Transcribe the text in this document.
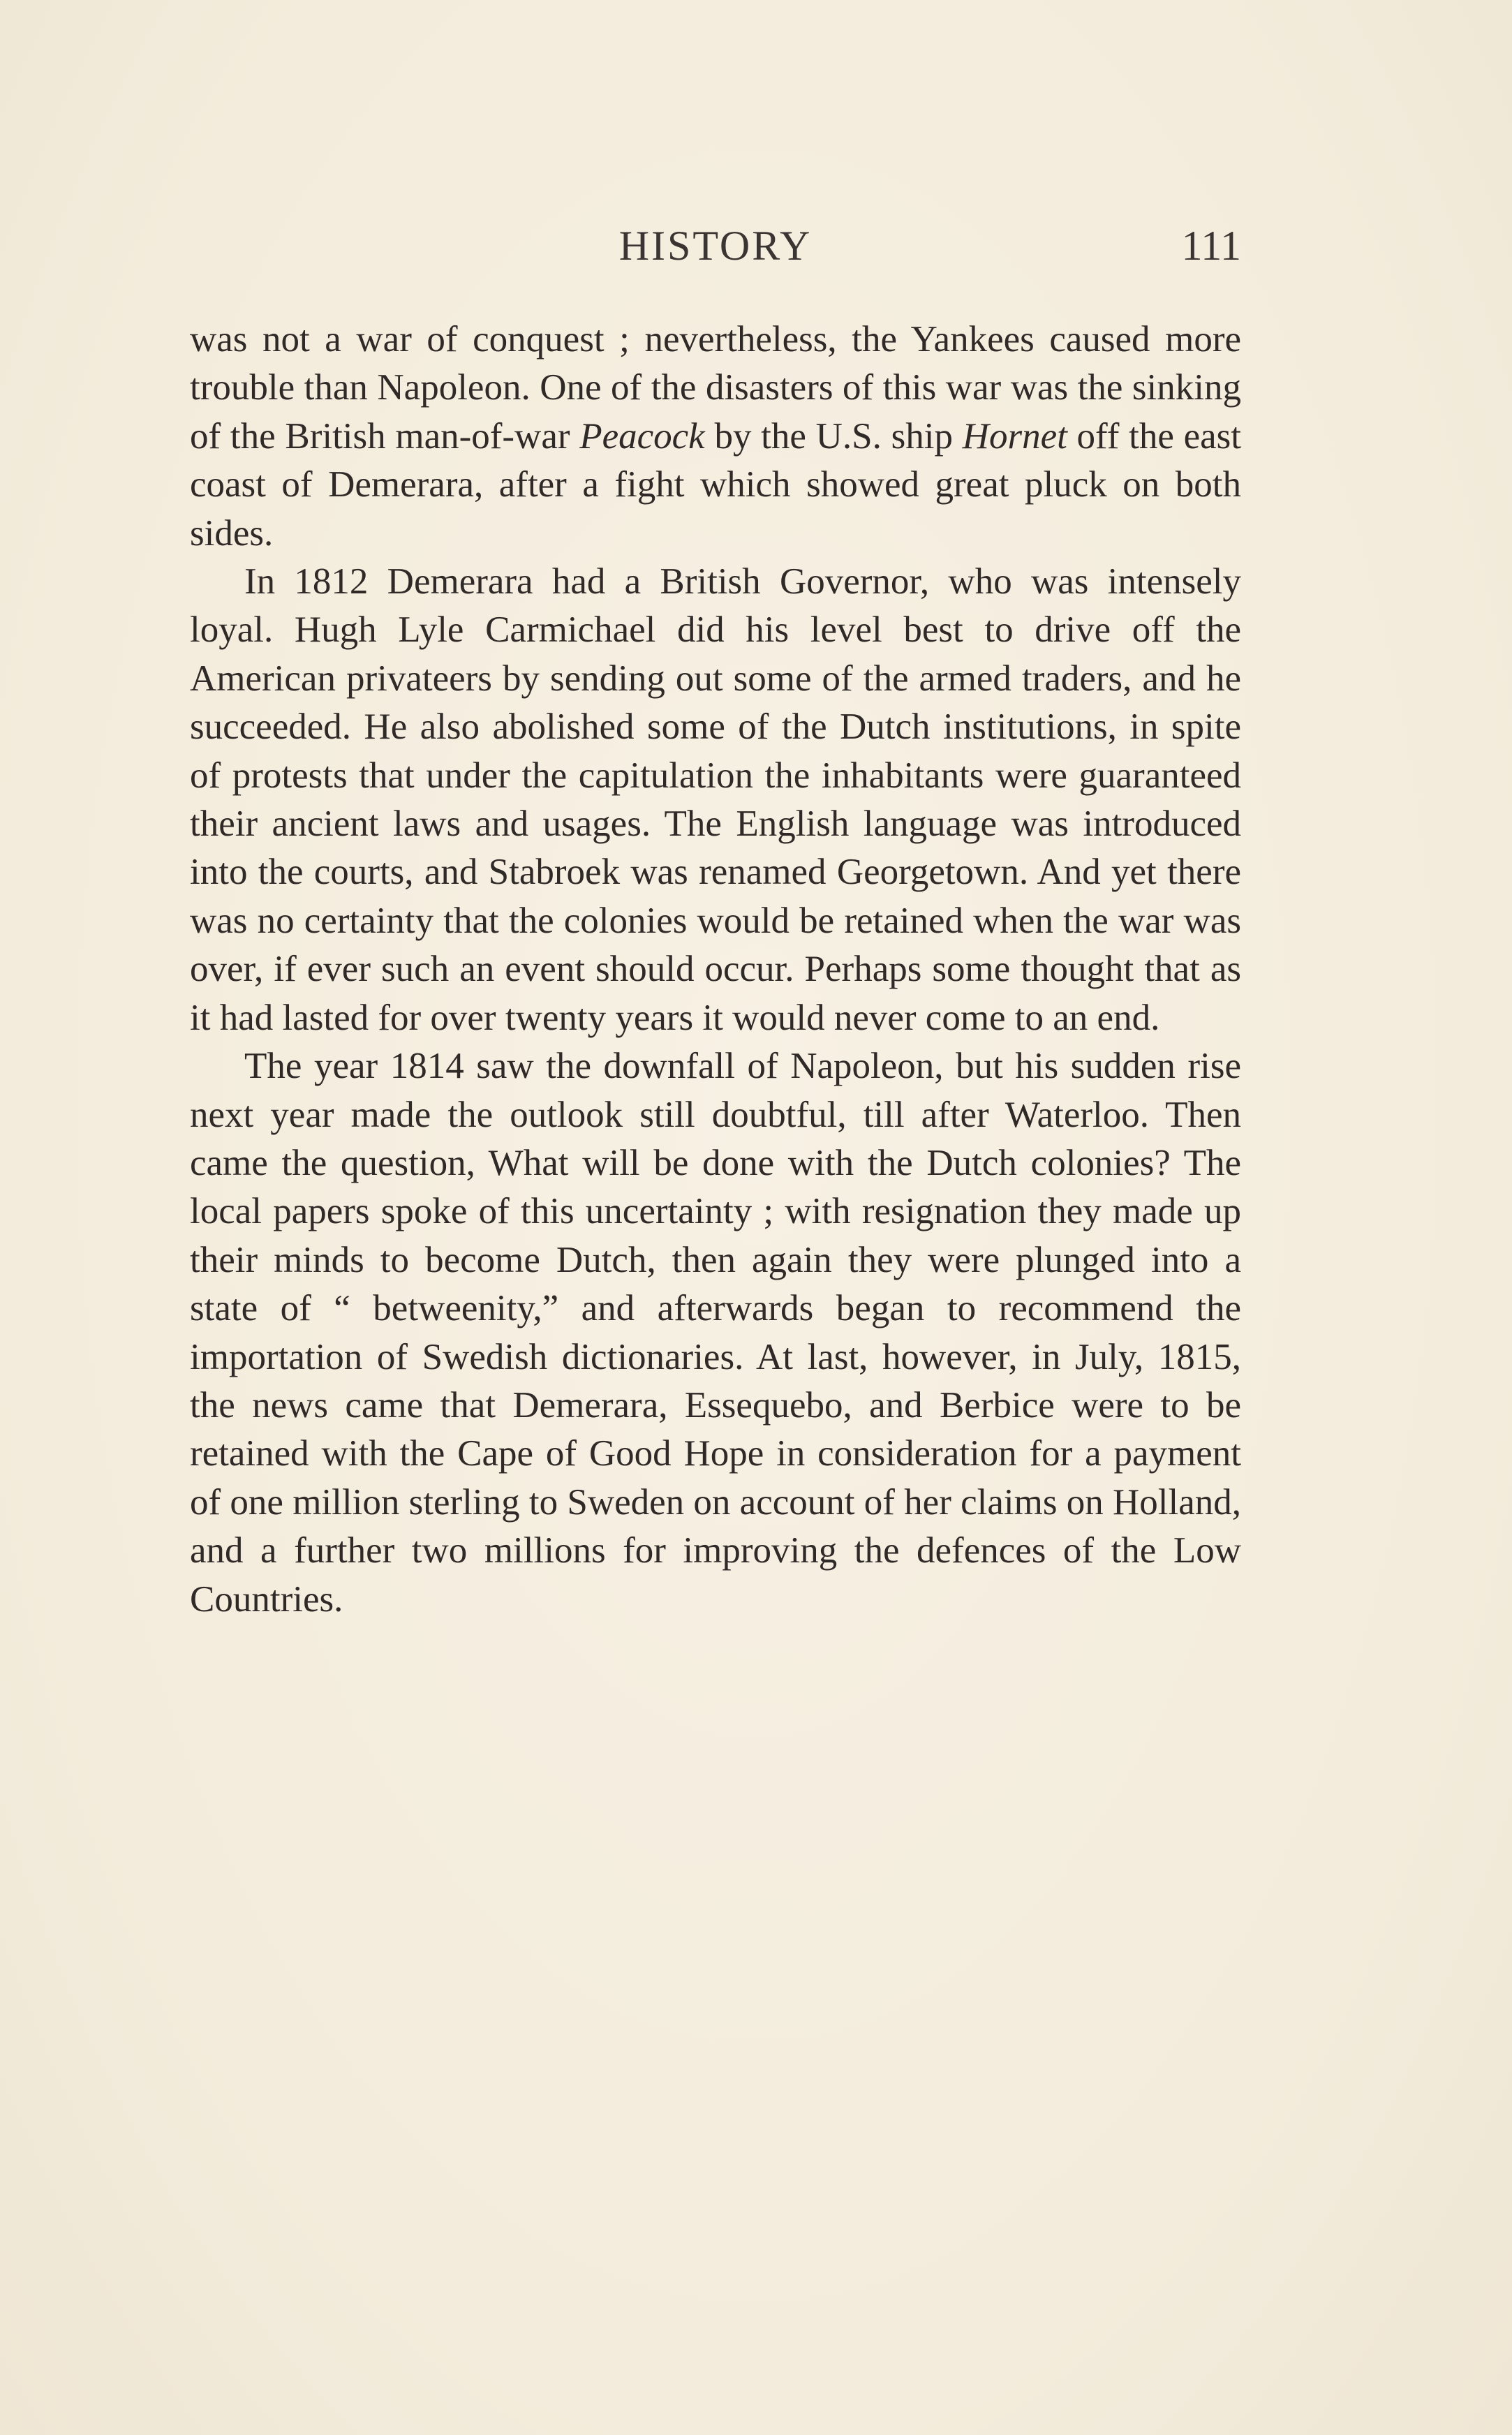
HISTORY	111

was not a war of conquest ; nevertheless, the Yankees caused more trouble than Napoleon. One of the disasters of this war was the sinking of the British man-of-war Peacock by the U.S. ship Hornet off the east coast of Demerara, after a fight which showed great pluck on both sides.

In 1812 Demerara had a British Governor, who was intensely loyal. Hugh Lyle Carmichael did his level best to drive off the American privateers by sending out some of the armed traders, and he succeeded. He also abolished some of the Dutch institutions, in spite of protests that under the capitulation the inhabitants were guaranteed their ancient laws and usages. The English language was introduced into the courts, and Stabroek was renamed Georgetown. And yet there was no certainty that the colonies would be retained when the war was over, if ever such an event should occur. Perhaps some thought that as it had lasted for over twenty years it would never come to an end.

The year 1814 saw the downfall of Napoleon, but his sudden rise next year made the outlook still doubtful, till after Waterloo. Then came the question, What will be done with the Dutch colonies? The local papers spoke of this uncertainty ; with resignation they made up their minds to become Dutch, then again they were plunged into a state of “ betweenity,” and afterwards began to recommend the importation of Swedish dictionaries. At last, however, in July, 1815, the news came that Demerara, Essequebo, and Berbice were to be retained with the Cape of Good Hope in consideration for a payment of one million sterling to Sweden on account of her claims on Holland, and a further two millions for improving the defences of the Low Countries.
